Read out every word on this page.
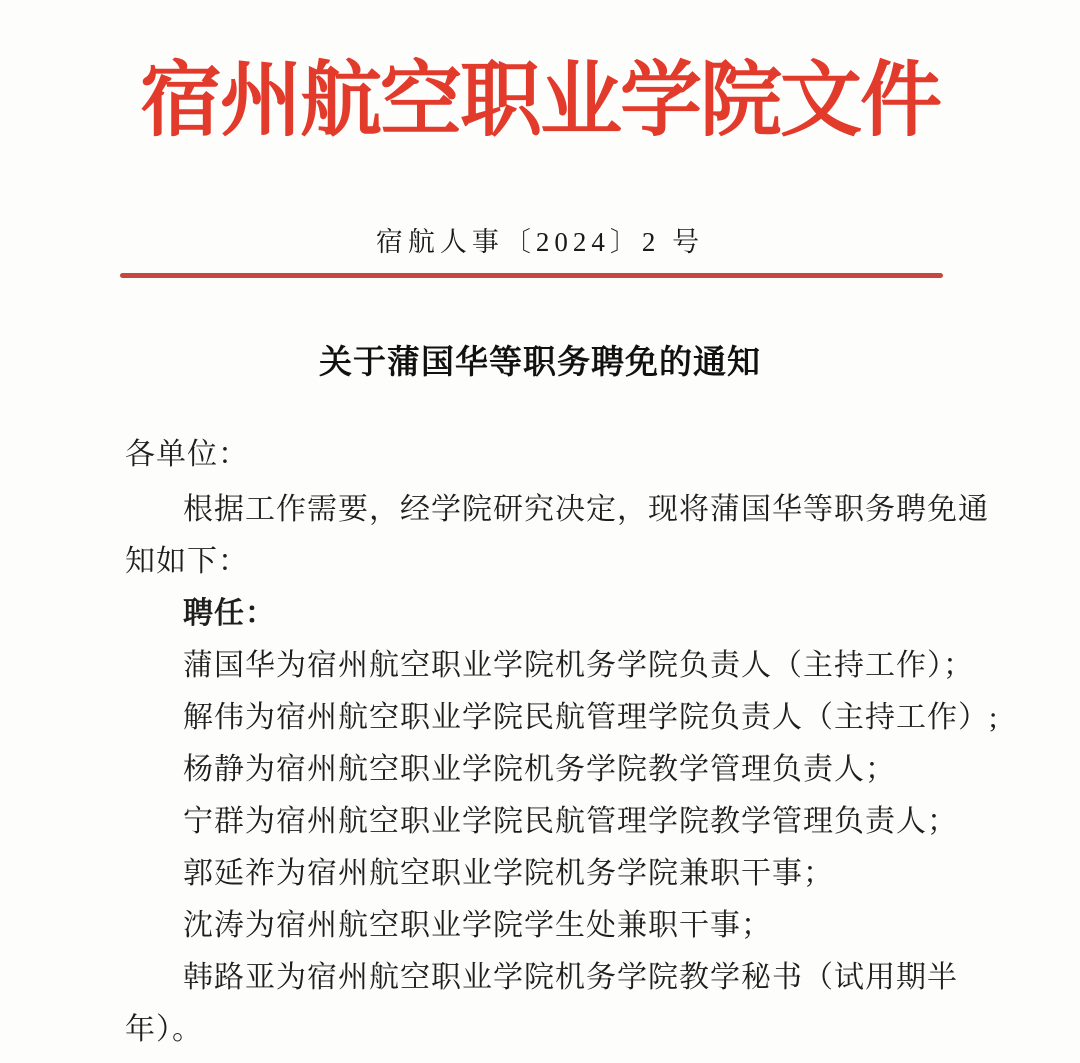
宿州航空职业学院文件
宿航人事〔2024〕2 号
关于蒲国华等职务聘免的通知
各单位：
根据工作需要，经学院研究决定，现将蒲国华等职务聘免通
知如下：
聘任：
蒲国华为宿州航空职业学院机务学院负责人（主持工作）；
解伟为宿州航空职业学院民航管理学院负责人（主持工作）;
杨静为宿州航空职业学院机务学院教学管理负责人；
宁群为宿州航空职业学院民航管理学院教学管理负责人；
郭延祚为宿州航空职业学院机务学院兼职干事；
沈涛为宿州航空职业学院学生处兼职干事；
韩路亚为宿州航空职业学院机务学院教学秘书（试用期半
年）。
